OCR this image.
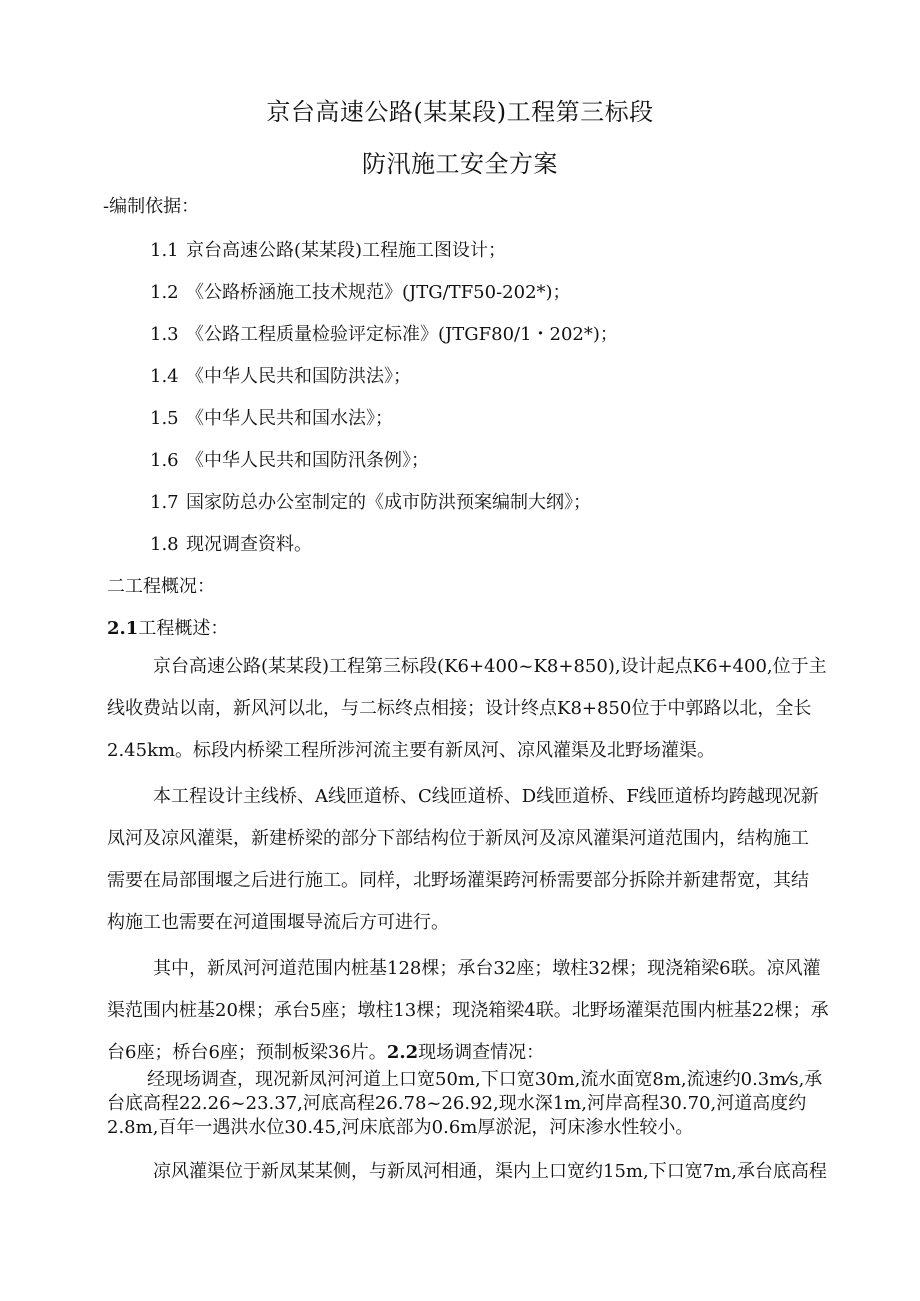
京台高速公路(某某段)工程第三标段
防汛施工安全方案
-编制依据：
1.1 京台高速公路(某某段)工程施工图设计；
1.2 《公路桥涵施工技术规范》(JTG/TF50-202*)；
1.3 《公路工程质量检验评定标准》(JTGF80/1・202*)；
1.4 《中华人民共和国防洪法》；
1.5 《中华人民共和国水法》；
1.6 《中华人民共和国防汛条例》；
1.7 国家防总办公室制定的《成市防洪预案编制大纲》；
1.8 现况调查资料。
二工程概况：
2.1工程概述：
京台高速公路(某某段)工程第三标段(K6+400~K8+850),设计起点K6+400,位于主
线收费站以南，新风河以北，与二标终点相接；设计终点K8+850位于中郭路以北，全长
2.45km。标段内桥梁工程所涉河流主要有新凤河、凉风灌渠及北野场灌渠。
本工程设计主线桥、A线匝道桥、C线匝道桥、D线匝道桥、F线匝道桥均跨越现况新
凤河及凉风灌渠，新建桥梁的部分下部结构位于新凤河及凉风灌渠河道范围内，结构施工
需要在局部围堰之后进行施工。同样，北野场灌渠跨河桥需要部分拆除并新建帮宽，其结
构施工也需要在河道围堰导流后方可进行。
其中，新凤河河道范围内桩基128棵；承台32座；墩柱32棵；现浇箱梁6联。凉风灌
渠范围内桩基20棵；承台5座；墩柱13棵；现浇箱梁4联。北野场灌渠范围内桩基22棵；承
台6座；桥台6座；预制板梁36片。2.2现场调查情况：
经现场调查，现况新凤河河道上口宽50m,下口宽30m,流水面宽8m,流速约0.3m⁄s,承
台底高程22.26~23.37,河底高程26.78~26.92,现水深1m,河岸高程30.70,河道高度约
2.8m,百年一遇洪水位30.45,河床底部为0.6m厚淤泥，河床渗水性较小。
凉风灌渠位于新凤某某侧，与新凤河相通，渠内上口宽约15m,下口宽7m,承台底高程
